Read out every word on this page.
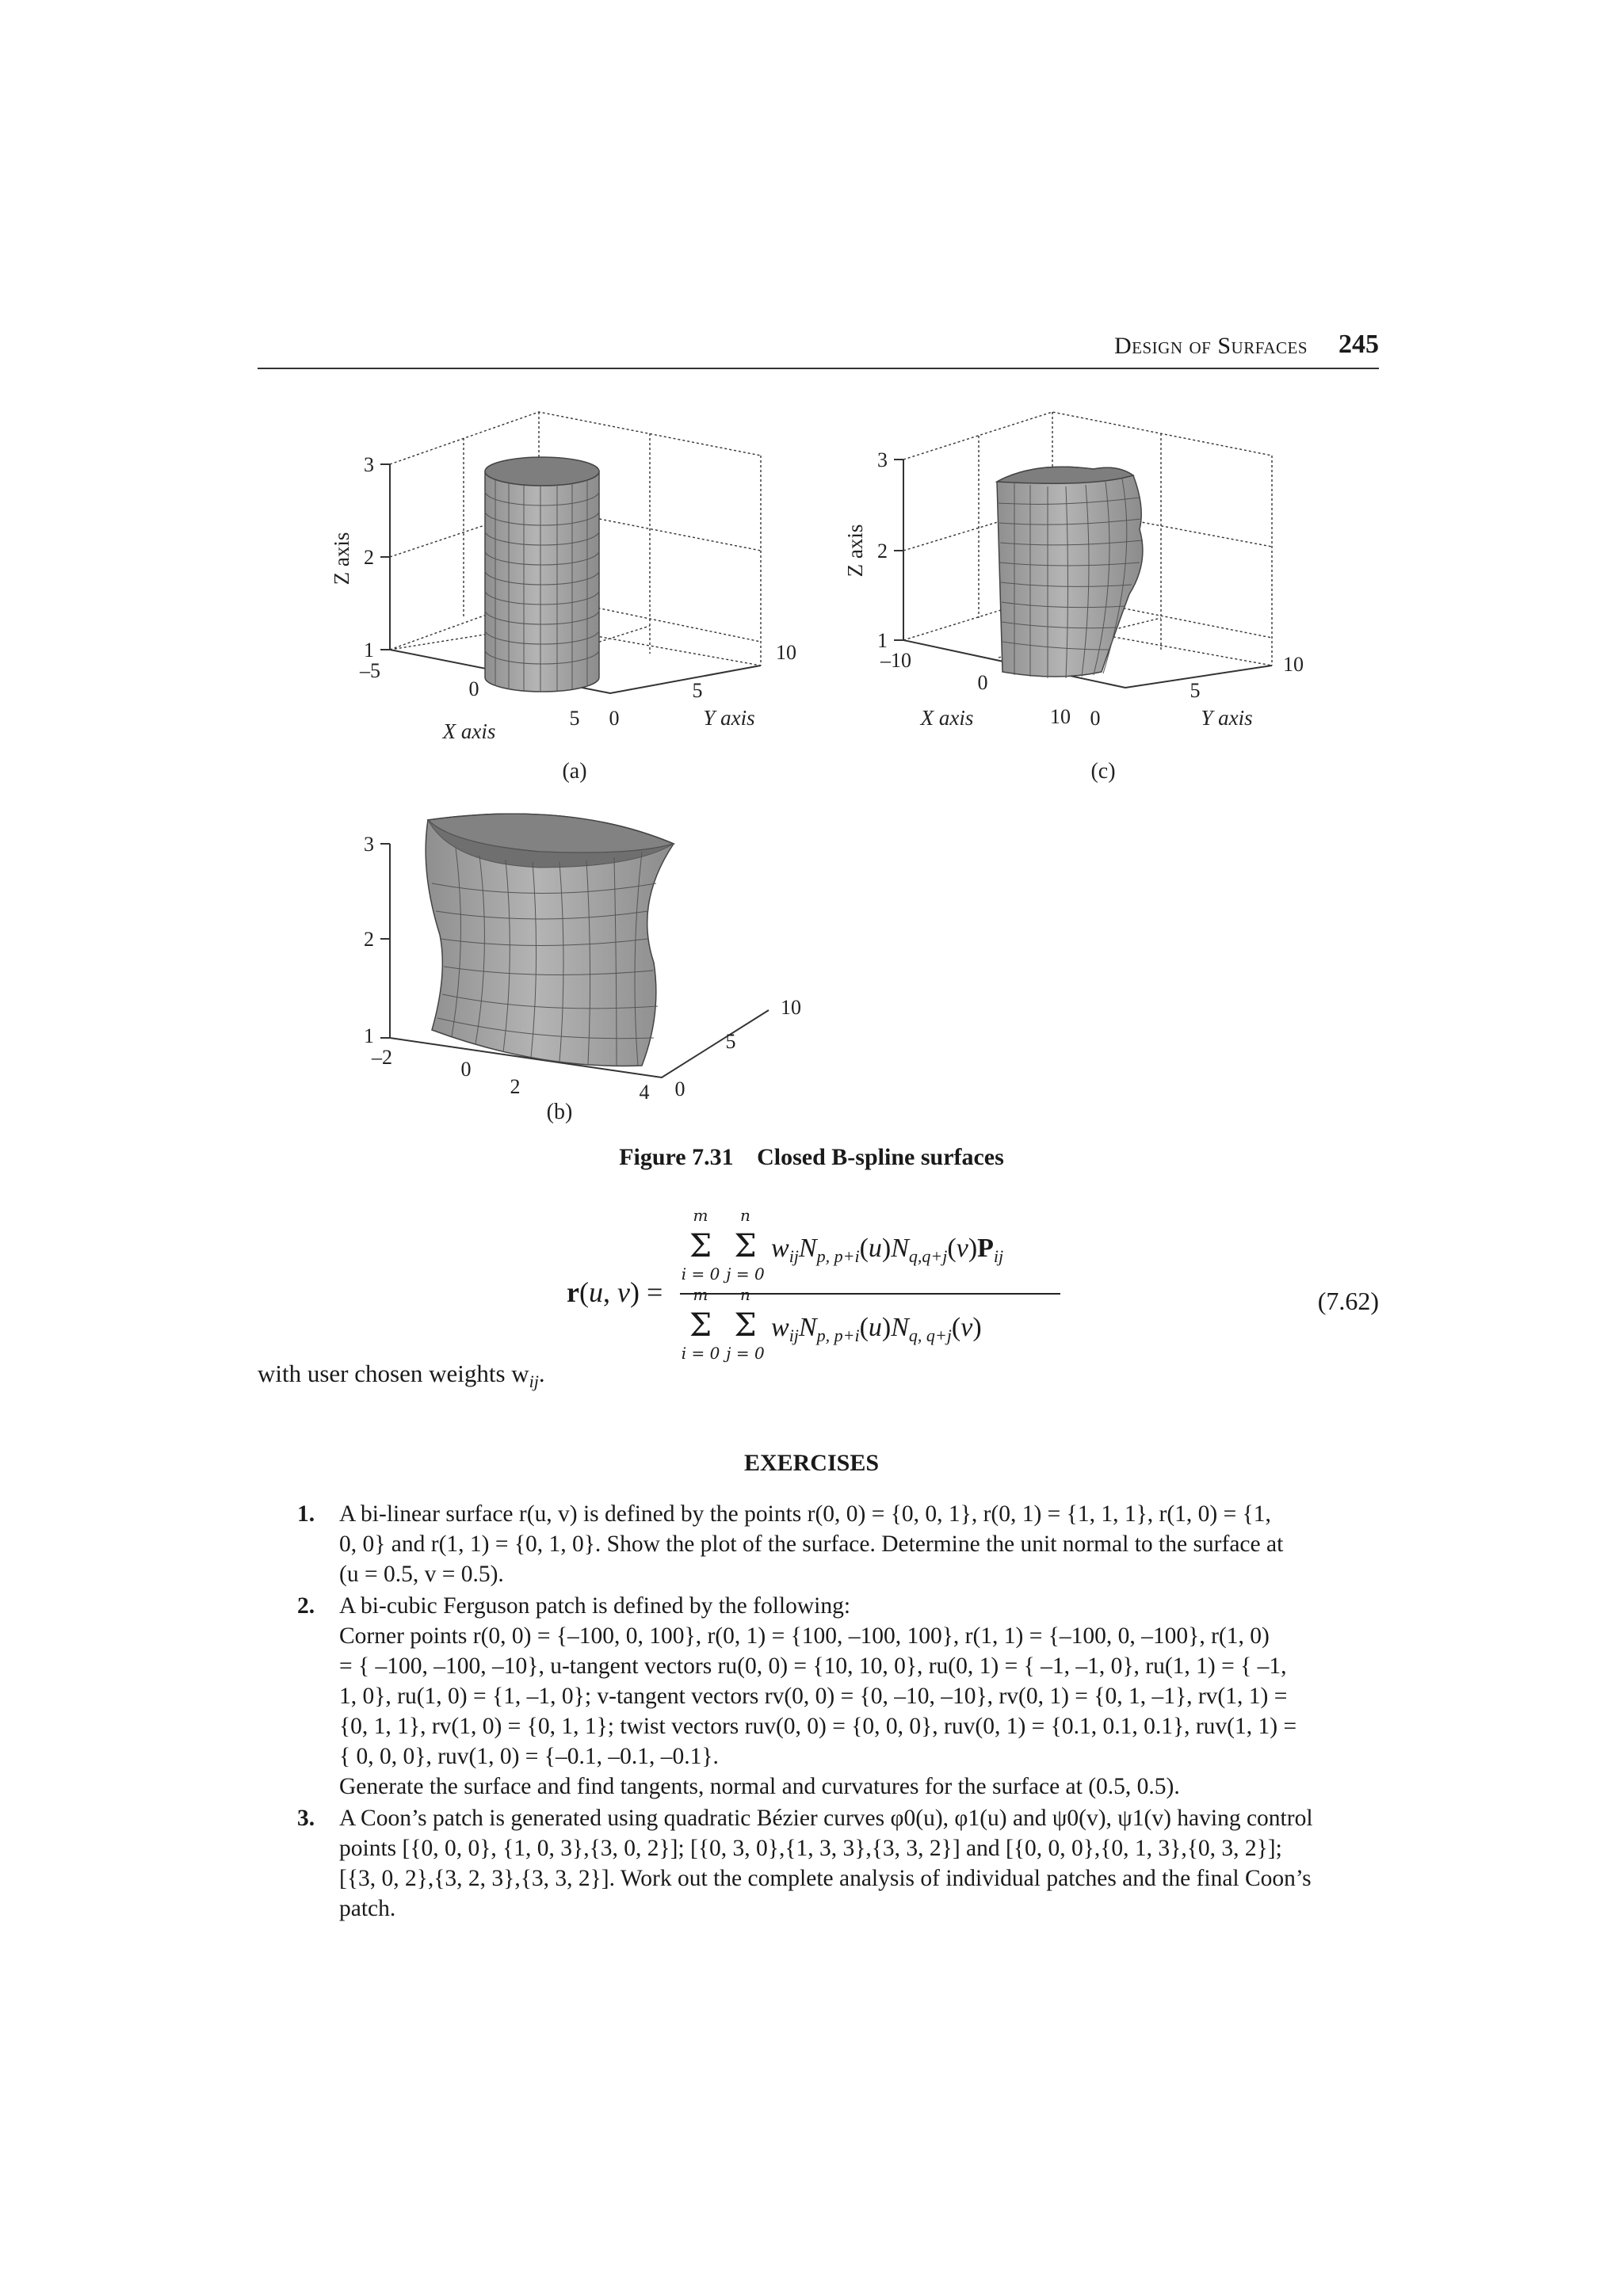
Design of Surfaces 245
Z axis
3
2
1
–5
0
5 0
5
10
X axis
Y axis
(a)
Z axis
3
2
1
–10
0
10 0
5
10
X axis	Y axis
(c)
3
2
1
–2
0
2	4 0
5
10
(b)
Figure 7.31 Closed B-spline surfaces
r(u, v) =
Σ
m
i = 0
Σ
n
j = 0
$w_{ij}N_{p, p+i}(u)N_{q,q+j}(v)P_{ij}$
Σ
m
i = 0
Σ
n
j = 0
$w_{ij}N_{p, p+i}(u)N_{q, q+j}(v)$
(7.62)
with user chosen weights $w_{ij}$.
EXERCISES
1. A bi-linear surface r(u, v) is defined by the points r(0, 0) = {0, 0, 1}, r(0, 1) = {1, 1, 1}, r(1, 0) = {1,
0, 0} and r(1, 1) = {0, 1, 0}. Show the plot of the surface. Determine the unit normal to the surface at
(u = 0.5, v = 0.5).
2. A bi-cubic Ferguson patch is defined by the following:
Corner points r(0, 0) = {–100, 0, 100}, r(0, 1) = {100, –100, 100}, r(1, 1) = {–100, 0, –100}, r(1, 0)
= { –100, –100, –10}, u-tangent vectors ru(0, 0) = {10, 10, 0}, ru(0, 1) = { –1, –1, 0}, ru(1, 1) = { –1,
1, 0}, ru(1, 0) = {1, –1, 0}; v-tangent vectors rv(0, 0) = {0, –10, –10}, rv(0, 1) = {0, 1, –1}, rv(1, 1) =
{0, 1, 1}, rv(1, 0) = {0, 1, 1}; twist vectors ruv(0, 0) = {0, 0, 0}, ruv(0, 1) = {0.1, 0.1, 0.1}, ruv(1, 1) =
{ 0, 0, 0}, ruv(1, 0) = {–0.1, –0.1, –0.1}.
Generate the surface and find tangents, normal and curvatures for the surface at (0.5, 0.5).
3. A Coon’s patch is generated using quadratic Bézier curves φ0(u), φ1(u) and ψ0(v), ψ1(v) having control
points [{0, 0, 0}, {1, 0, 3},{3, 0, 2}]; [{0, 3, 0},{1, 3, 3},{3, 3, 2}] and [{0, 0, 0},{0, 1, 3},{0, 3, 2}];
[{3, 0, 2},{3, 2, 3},{3, 3, 2}]. Work out the complete analysis of individual patches and the final Coon’s
patch.
